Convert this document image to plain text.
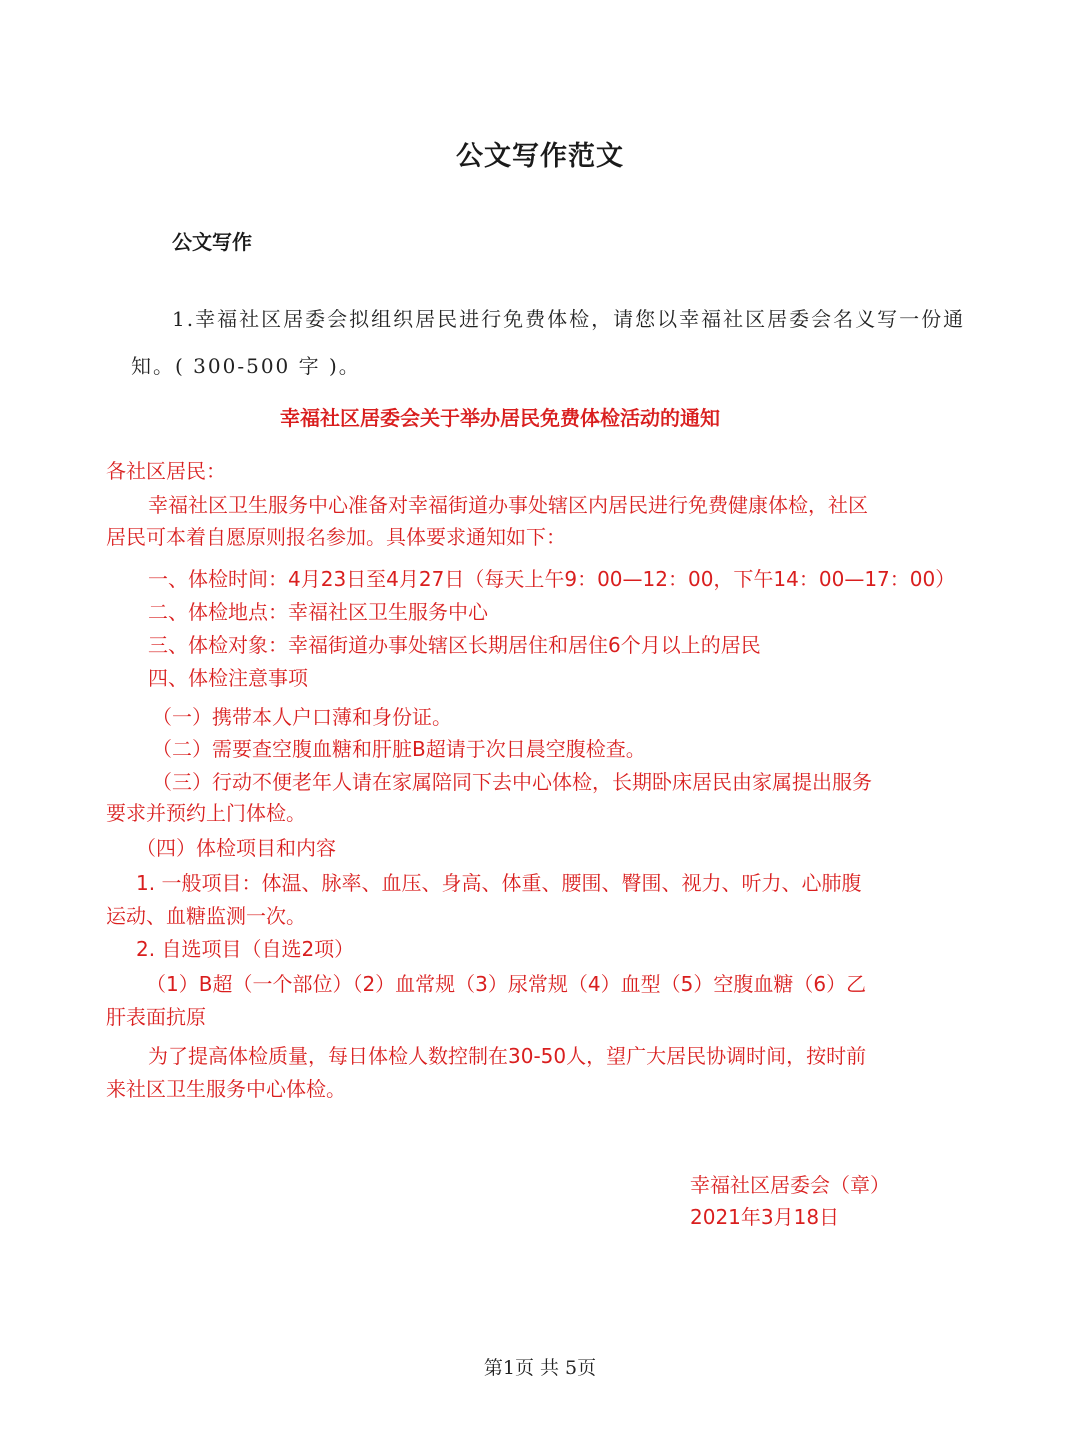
公文写作范文
公文写作
1.幸福社区居委会拟组织居民进行免费体检，请您以幸福社区居委会名义写一份通
知。( 300-500 字 )。
幸福社区居委会关于举办居民免费体检活动的通知
各社区居民：
幸福社区卫生服务中心准备对幸福街道办事处辖区内居民进行免费健康体检，社区
居民可本着自愿原则报名参加。具体要求通知如下：
一、体检时间：4月23日至4月27日（每天上午9：00—12：00，下午14：00—17：00）
二、体检地点：幸福社区卫生服务中心
三、体检对象：幸福街道办事处辖区长期居住和居住6个月以上的居民
四、体检注意事项
（一）携带本人户口薄和身份证。
（二）需要查空腹血糖和肝脏B超请于次日晨空腹检查。
（三）行动不便老年人请在家属陪同下去中心体检，长期卧床居民由家属提出服务
要求并预约上门体检。
（四）体检项目和内容
1. 一般项目：体温、脉率、血压、身高、体重、腰围、臀围、视力、听力、心肺腹
运动、血糖监测一次。
2. 自选项目（自选2项）
（1）B超（一个部位）（2）血常规（3）尿常规（4）血型（5）空腹血糖（6）乙
肝表面抗原
为了提高体检质量，每日体检人数控制在30-50人，望广大居民协调时间，按时前
来社区卫生服务中心体检。
幸福社区居委会（章）
2021年3月18日
第1页 共 5页
